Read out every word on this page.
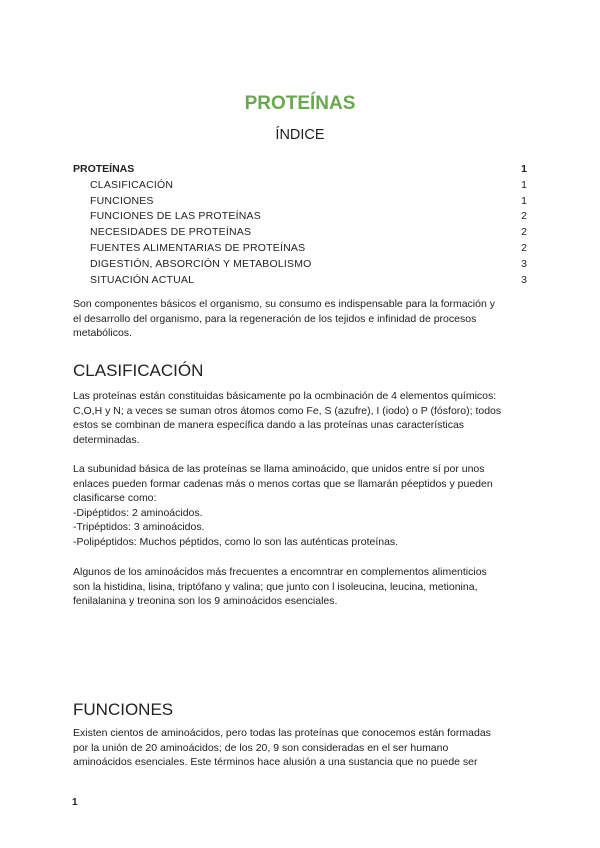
PROTEÍNAS
ÍNDICE
PROTEÍNAS	1
CLASIFICACIÓN	1
FUNCIONES	1
FUNCIONES DE LAS PROTEÍNAS	2
NECESIDADES DE PROTEÍNAS	2
FUENTES ALIMENTARIAS DE PROTEÍNAS	2
DIGESTIÓN, ABSORCIÓN Y METABOLISMO	3
SITUACIÓN ACTUAL	3

Son componentes básicos el organismo, su consumo es indispensable para la formación y
el desarrollo del organismo, para la regeneración de los tejidos e infinidad de procesos
metabólicos.

CLASIFICACIÓN

Las proteínas están constituidas básicamente po la ocmbinación de 4 elementos químicos:
C,O,H y N; a veces se suman otros átomos como Fe, S (azufre), I (iodo) o P (fósforo); todos
estos se combinan de manera específica dando a las proteínas unas características
determinadas.

La subunidad básica de las proteínas se llama aminoácido, que unidos entre sí por unos
enlaces pueden formar cadenas más o menos cortas que se llamarán péeptidos y pueden
clasificarse como:
-Dipéptidos: 2 aminoácidos.
-Tripéptidos: 3 aminoácidos.
-Polipéptidos: Muchos péptidos, como lo son las auténticas proteínas.

Algunos de los aminoácidos más frecuentes a encomntrar en complementos alimenticios
son la histidina, lisina, triptófano y valina; que junto con l isoleucina, leucina, metionina,
fenilalanina y treonina son los 9 aminoácidos esenciales.

FUNCIONES

Existen cientos de aminoácidos, pero todas las proteínas que conocemos están formadas
por la unión de 20 aminoácidos; de los 20, 9 son consideradas en el ser humano
aminoácidos esenciales. Este términos hace alusión a una sustancia que no puede ser

1
